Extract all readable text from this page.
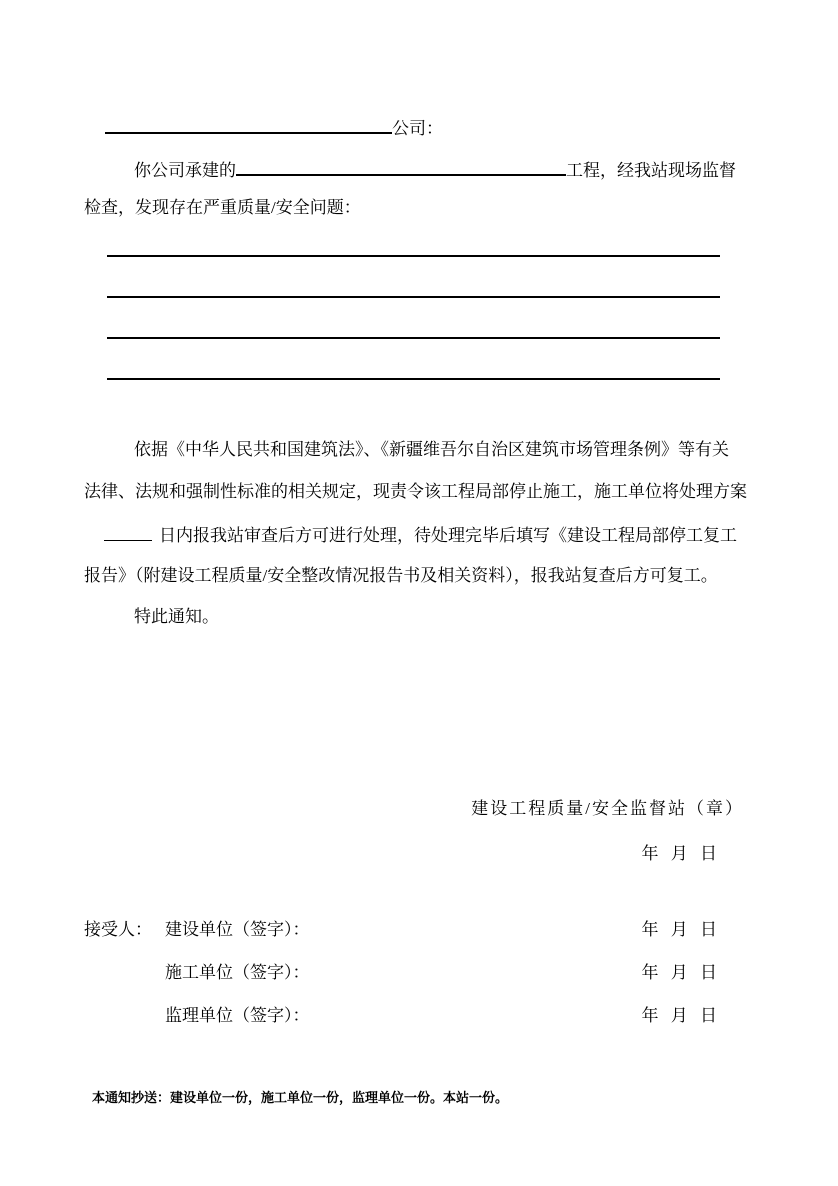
公司：
你公司承建的	工程，经我站现场监督
检查，发现存在严重质量/安全问题：
依据《中华人民共和国建筑法》、《新疆维吾尔自治区建筑市场管理条例》等有关
法律、法规和强制性标准的相关规定，现责令该工程局部停止施工，施工单位将处理方案
日内报我站审查后方可进行处理，待处理完毕后填写《建设工程局部停工复工
报告》（附建设工程质量/安全整改情况报告书及相关资料），报我站复查后方可复工。
特此通知。
建设工程质量/安全监督站（章）
年 月 日
接受人： 建设单位（签字）：	年 月 日
施工单位（签字）：	年 月 日
监理单位（签字）：	年 月 日
本通知抄送：建设单位一份，施工单位一份，监理单位一份。本站一份。
